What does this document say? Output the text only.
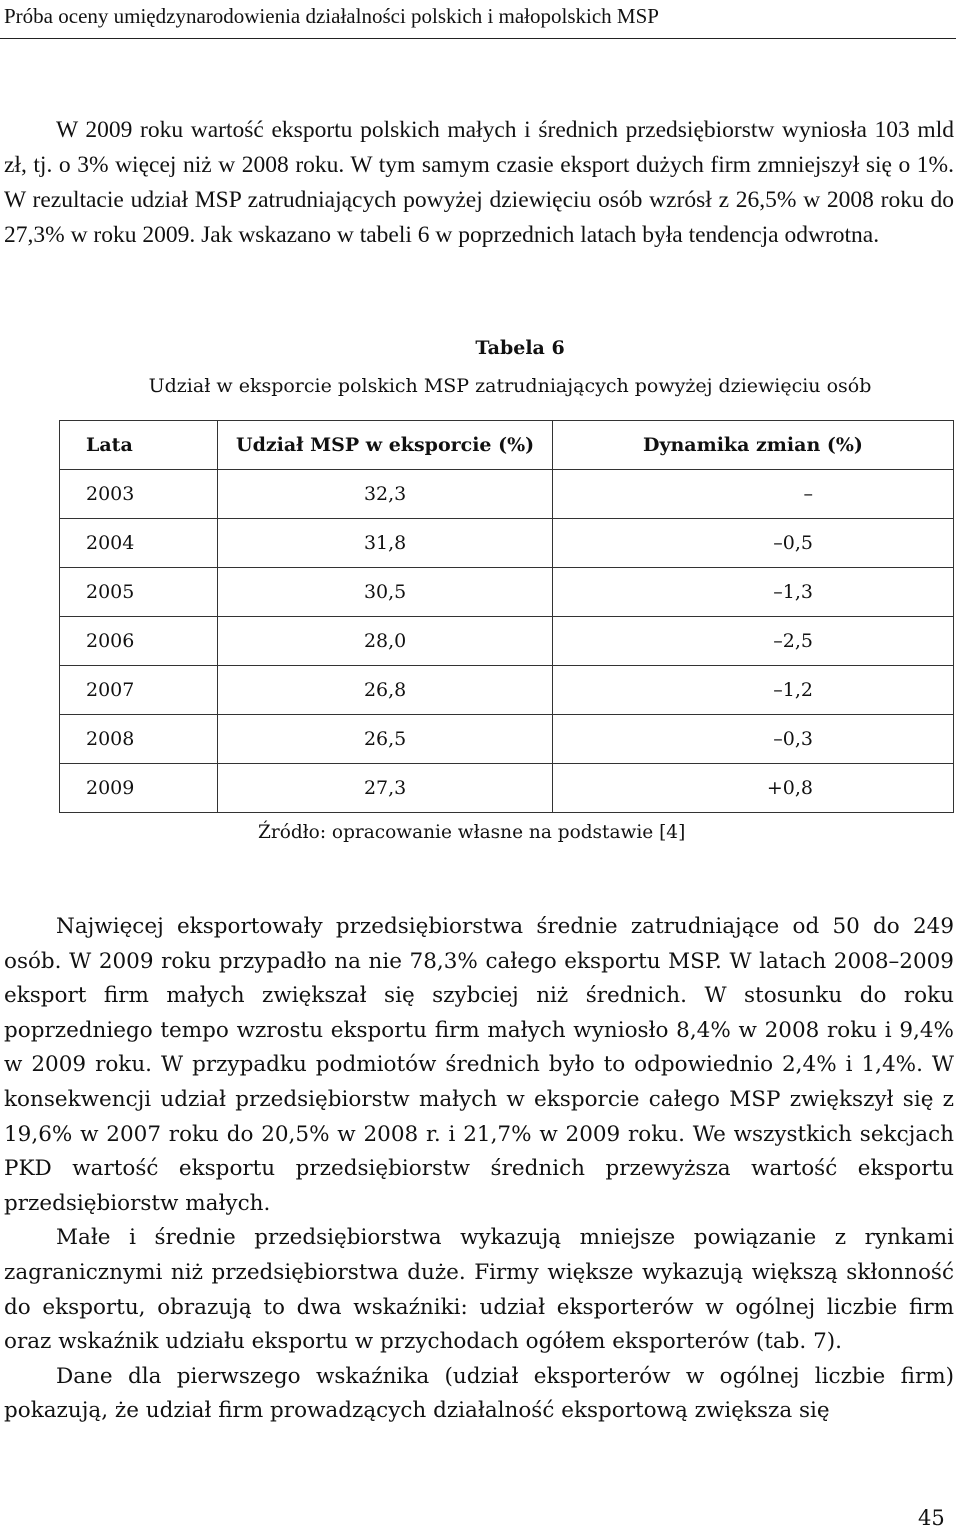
Próba oceny umiędzynarodowienia działalności polskich i małopolskich MSP

W 2009 roku wartość eksportu polskich małych i średnich przedsiębiorstw wyniosła 103 mld zł, tj. o 3% więcej niż w 2008 roku. W tym samym czasie eksport dużych firm zmniejszył się o 1%. W rezultacie udział MSP zatrudniających powyżej dziewięciu osób wzrósł z 26,5% w 2008 roku do 27,3% w roku 2009. Jak wskazano w tabeli 6 w poprzednich latach była tendencja odwrotna.

Tabela 6
Udział w eksporcie polskich MSP zatrudniających powyżej dziewięciu osób
Lata	Udział MSP w eksporcie (%)	Dynamika zmian (%)
2003	32,3	–
2004	31,8	–0,5
2005	30,5	–1,3
2006	28,0	–2,5
2007	26,8	–1,2
2008	26,5	–0,3
2009	27,3	+0,8
Źródło: opracowanie własne na podstawie [4]

Najwięcej eksportowały przedsiębiorstwa średnie zatrudniające od 50 do 249 osób. W 2009 roku przypadło na nie 78,3% całego eksportu MSP. W latach 2008–2009 eksport firm małych zwiększał się szybciej niż średnich. W stosunku do roku poprzedniego tempo wzrostu eksportu firm małych wyniosło 8,4% w 2008 roku i 9,4% w 2009 roku. W przypadku podmiotów średnich było to odpowiednio 2,4% i 1,4%. W konsekwencji udział przedsiębiorstw małych w eksporcie całego MSP zwiększył się z 19,6% w 2007 roku do 20,5% w 2008 r. i 21,7% w 2009 roku. We wszystkich sekcjach PKD wartość eksportu przedsiębiorstw średnich przewyższa wartość eksportu przedsiębiorstw małych.

Małe i średnie przedsiębiorstwa wykazują mniejsze powiązanie z rynkami zagranicznymi niż przedsiębiorstwa duże. Firmy większe wykazują większą skłonność do eksportu, obrazują to dwa wskaźniki: udział eksporterów w ogólnej liczbie firm oraz wskaźnik udziału eksportu w przychodach ogółem eksporterów (tab. 7).

Dane dla pierwszego wskaźnika (udział eksporterów w ogólnej liczbie firm) pokazują, że udział firm prowadzących działalność eksportową zwiększa się

45
